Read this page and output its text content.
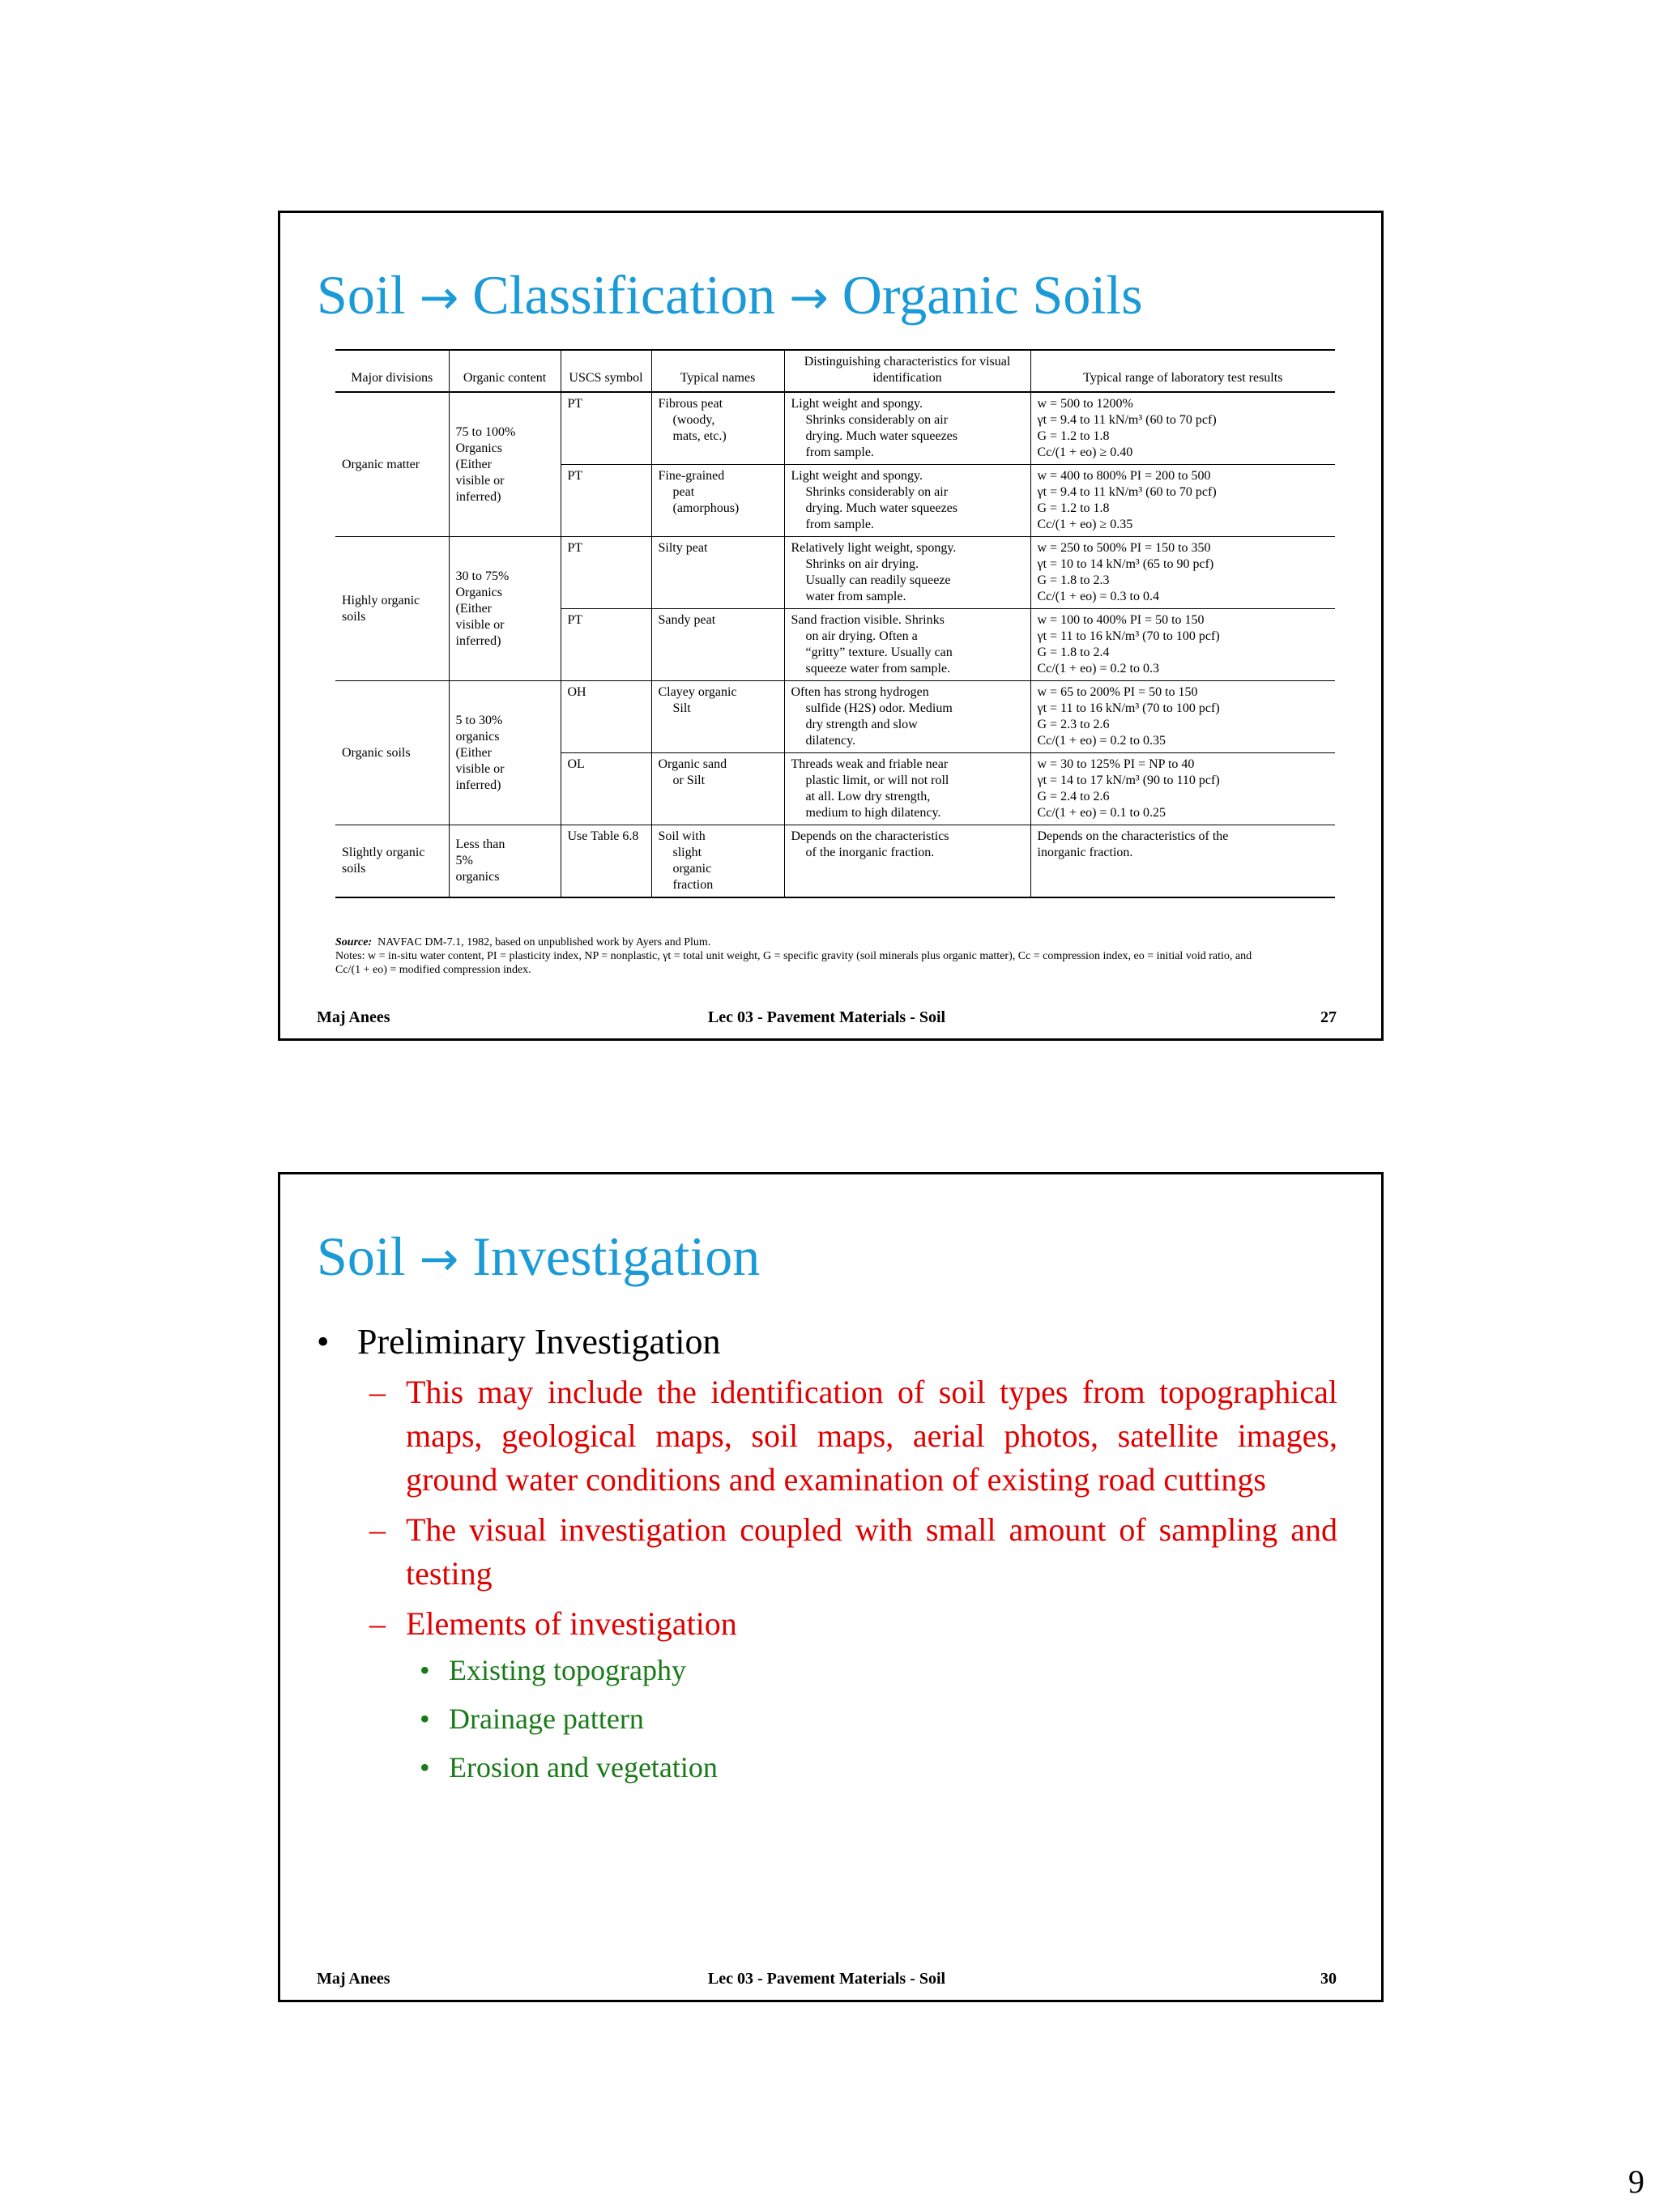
Soil → Classification → Organic Soils
Major divisions	Organic content	USCS symbol	Typical names	Distinguishing characteristics for visual identification	Typical range of laboratory test results
Organic matter	75 to 100%
Organics
(Either
visible or
inferred)	PT	Fibrous peat
(woody,
mats, etc.)	Light weight and spongy.
Shrinks considerably on air
drying. Much water squeezes
from sample.	w = 500 to 1200%
γt = 9.4 to 11 kN/m³ (60 to 70 pcf)
G = 1.2 to 1.8
Cc/(1 + eo) ≥ 0.40

		PT	Fine-grained
peat
(amorphous)	Light weight and spongy.
Shrinks considerably on air
drying. Much water squeezes
from sample.	w = 400 to 800% PI = 200 to 500
γt = 9.4 to 11 kN/m³ (60 to 70 pcf)
G = 1.2 to 1.8
Cc/(1 + eo) ≥ 0.35

Highly organic soils	30 to 75%
Organics
(Either
visible or
inferred)	PT	Silty peat	Relatively light weight, spongy.
Shrinks on air drying.
Usually can readily squeeze
water from sample.	w = 250 to 500% PI = 150 to 350
γt = 10 to 14 kN/m³ (65 to 90 pcf)
G = 1.8 to 2.3
Cc/(1 + eo) = 0.3 to 0.4

		PT	Sandy peat	Sand fraction visible. Shrinks
on air drying. Often a
“gritty” texture. Usually can
squeeze water from sample.	w = 100 to 400% PI = 50 to 150
γt = 11 to 16 kN/m³ (70 to 100 pcf)
G = 1.8 to 2.4
Cc/(1 + eo) = 0.2 to 0.3

Organic soils	5 to 30%
organics
(Either
visible or
inferred)	OH	Clayey organic
Silt	Often has strong hydrogen
sulfide (H2S) odor. Medium
dry strength and slow
dilatency.	w = 65 to 200% PI = 50 to 150
γt = 11 to 16 kN/m³ (70 to 100 pcf)
G = 2.3 to 2.6
Cc/(1 + eo) = 0.2 to 0.35

		OL	Organic sand
or Silt	Threads weak and friable near
plastic limit, or will not roll
at all. Low dry strength,
medium to high dilatency.	w = 30 to 125% PI = NP to 40
γt = 14 to 17 kN/m³ (90 to 110 pcf)
G = 2.4 to 2.6
Cc/(1 + eo) = 0.1 to 0.25

Slightly organic soils	Less than
5%
organics	Use Table 6.8	Soil with
slight
organic
fraction	Depends on the characteristics
of the inorganic fraction.	Depends on the characteristics of the
inorganic fraction.
Source: NAVFAC DM-7.1, 1982, based on unpublished work by Ayers and Plum.
Notes: w = in-situ water content, PI = plasticity index, NP = nonplastic, γt = total unit weight, G = specific gravity (soil minerals plus organic matter), Cc = compression index, eo = initial void ratio, and Cc/(1 + eo) = modified compression index.
Maj Anees	Lec 03 - Pavement Materials - Soil	27
Soil → Investigation
• Preliminary Investigation
– This may include the identification of soil types from topographical maps, geological maps, soil maps, aerial photos, satellite images, ground water conditions and examination of existing road cuttings
– The visual investigation coupled with small amount of sampling and testing
– Elements of investigation
• Existing topography
• Drainage pattern
• Erosion and vegetation
Maj Anees	Lec 03 - Pavement Materials - Soil	30
9
